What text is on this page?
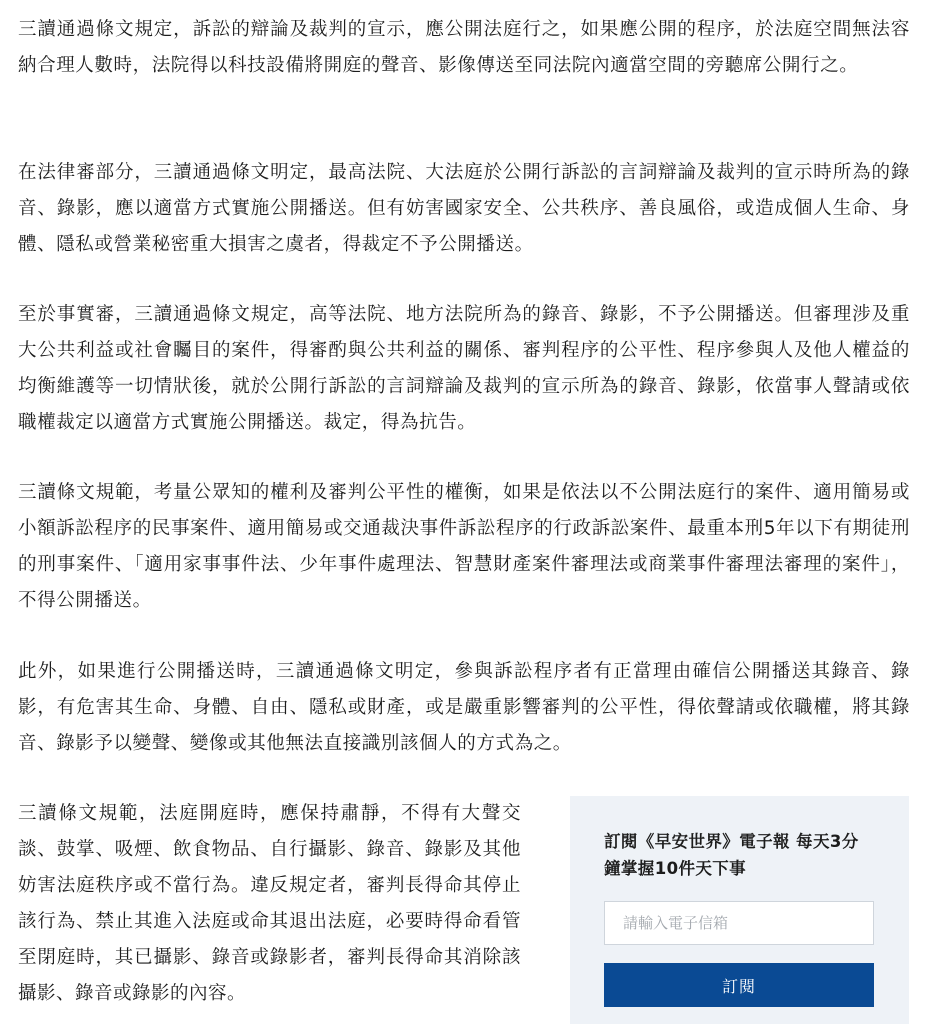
三讀通過條文規定，訴訟的辯論及裁判的宣示，應公開法庭行之，如果應公開的程序，於法庭空間無法容納合理人數時，法院得以科技設備將開庭的聲音、影像傳送至同法院內適當空間的旁聽席公開行之。

在法律審部分，三讀通過條文明定，最高法院、大法庭於公開行訴訟的言詞辯論及裁判的宣示時所為的錄音、錄影，應以適當方式實施公開播送。但有妨害國家安全、公共秩序、善良風俗，或造成個人生命、身體、隱私或營業秘密重大損害之虞者，得裁定不予公開播送。

至於事實審，三讀通過條文規定，高等法院、地方法院所為的錄音、錄影，不予公開播送。但審理涉及重大公共利益或社會矚目的案件，得審酌與公共利益的關係、審判程序的公平性、程序參與人及他人權益的均衡維護等一切情狀後，就於公開行訴訟的言詞辯論及裁判的宣示所為的錄音、錄影，依當事人聲請或依職權裁定以適當方式實施公開播送。裁定，得為抗告。

三讀條文規範，考量公眾知的權利及審判公平性的權衡，如果是依法以不公開法庭行的案件、適用簡易或小額訴訟程序的民事案件、適用簡易或交通裁決事件訴訟程序的行政訴訟案件、最重本刑5年以下有期徒刑的刑事案件、「適用家事事件法、少年事件處理法、智慧財產案件審理法或商業事件審理法審理的案件」，不得公開播送。

此外，如果進行公開播送時，三讀通過條文明定，參與訴訟程序者有正當理由確信公開播送其錄音、錄影，有危害其生命、身體、自由、隱私或財產，或是嚴重影響審判的公平性，得依聲請或依職權，將其錄音、錄影予以變聲、變像或其他無法直接識別該個人的方式為之。

三讀條文規範，法庭開庭時，應保持肅靜，不得有大聲交談、鼓掌、吸煙、飲食物品、自行攝影、錄音、錄影及其他妨害法庭秩序或不當行為。違反規定者，審判長得命其停止該行為、禁止其進入法庭或命其退出法庭，必要時得命看管至閉庭時，其已攝影、錄音或錄影者，審判長得命其消除該攝影、錄音或錄影的內容。

訂閱《早安世界》電子報 每天3分鐘掌握10件天下事

請輸入電子信箱
訂閱
